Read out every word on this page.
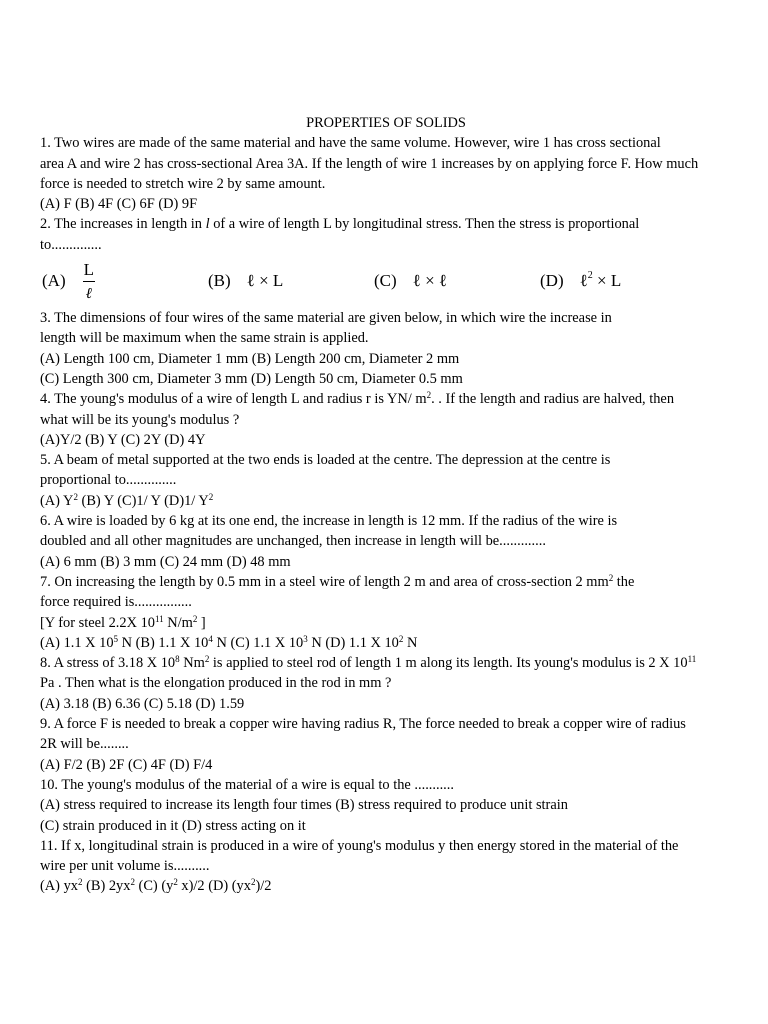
PROPERTIES OF SOLIDS
1. Two wires are made of the same material and have the same volume. However, wire 1 has cross sectional
area A and wire 2 has cross-sectional Area 3A. If the length of wire 1 increases by on applying force F. How much
force is needed to stretch wire 2 by same amount.
(A) F (B) 4F (C) 6F (D) 9F
2. The increases in length in l of a wire of length L by longitudinal stress. Then the stress is proportional
to..............
$(A) \frac{L}{\text{ℓ}}$	(B) ℓ × L	(C) ℓ × ℓ	(D) ℓ$^2$ × L
3. The dimensions of four wires of the same material are given below, in which wire the increase in
length will be maximum when the same strain is applied.
(A) Length 100 cm, Diameter 1 mm (B) Length 200 cm, Diameter 2 mm
(C) Length 300 cm, Diameter 3 mm (D) Length 50 cm, Diameter 0.5 mm
4. The young's modulus of a wire of length L and radius r is YN/ $m^2$. . If the length and radius are halved, then
what will be its young's modulus ?
(A)Y/2 (B) Y (C) 2Y (D) 4Y
5. A beam of metal supported at the two ends is loaded at the centre. The depression at the centre is
proportional to..............
(A) $Y^2$ (B) Y (C)1/ Y (D)1/ $Y^2$
6. A wire is loaded by 6 kg at its one end, the increase in length is 12 mm. If the radius of the wire is
doubled and all other magnitudes are unchanged, then increase in length will be.............
(A) 6 mm (B) 3 mm (C) 24 mm (D) 48 mm
7. On increasing the length by 0.5 mm in a steel wire of length 2 m and area of cross-section 2 $mm^2$ the
force required is................
[Y for steel 2.2X $10^{11}$ $N/m^2$ ]
(A) 1.1 X $10^5$ N (B) 1.1 X $10^4$ N (C) 1.1 X $10^3$ N (D) 1.1 X $10^2$ N
8. A stress of 3.18 X $10^8$ Nm$^2$ is applied to steel rod of length 1 m along its length. Its young's modulus is 2 X $10^{11}$
Pa . Then what is the elongation produced in the rod in mm ?
(A) 3.18 (B) 6.36 (C) 5.18 (D) 1.59
9. A force F is needed to break a copper wire having radius R, The force needed to break a copper wire of radius
2R will be........
(A) F/2 (B) 2F (C) 4F (D) F/4
10. The young's modulus of the material of a wire is equal to the ...........
(A) stress required to increase its length four times (B) stress required to produce unit strain
(C) strain produced in it (D) stress acting on it
11. If x, longitudinal strain is produced in a wire of young's modulus y then energy stored in the material of the
wire per unit volume is..........
(A) $yx^2$ (B) $2yx^2$ (C) ($y^2$ x)/2 (D) $(yx^2)/2$
